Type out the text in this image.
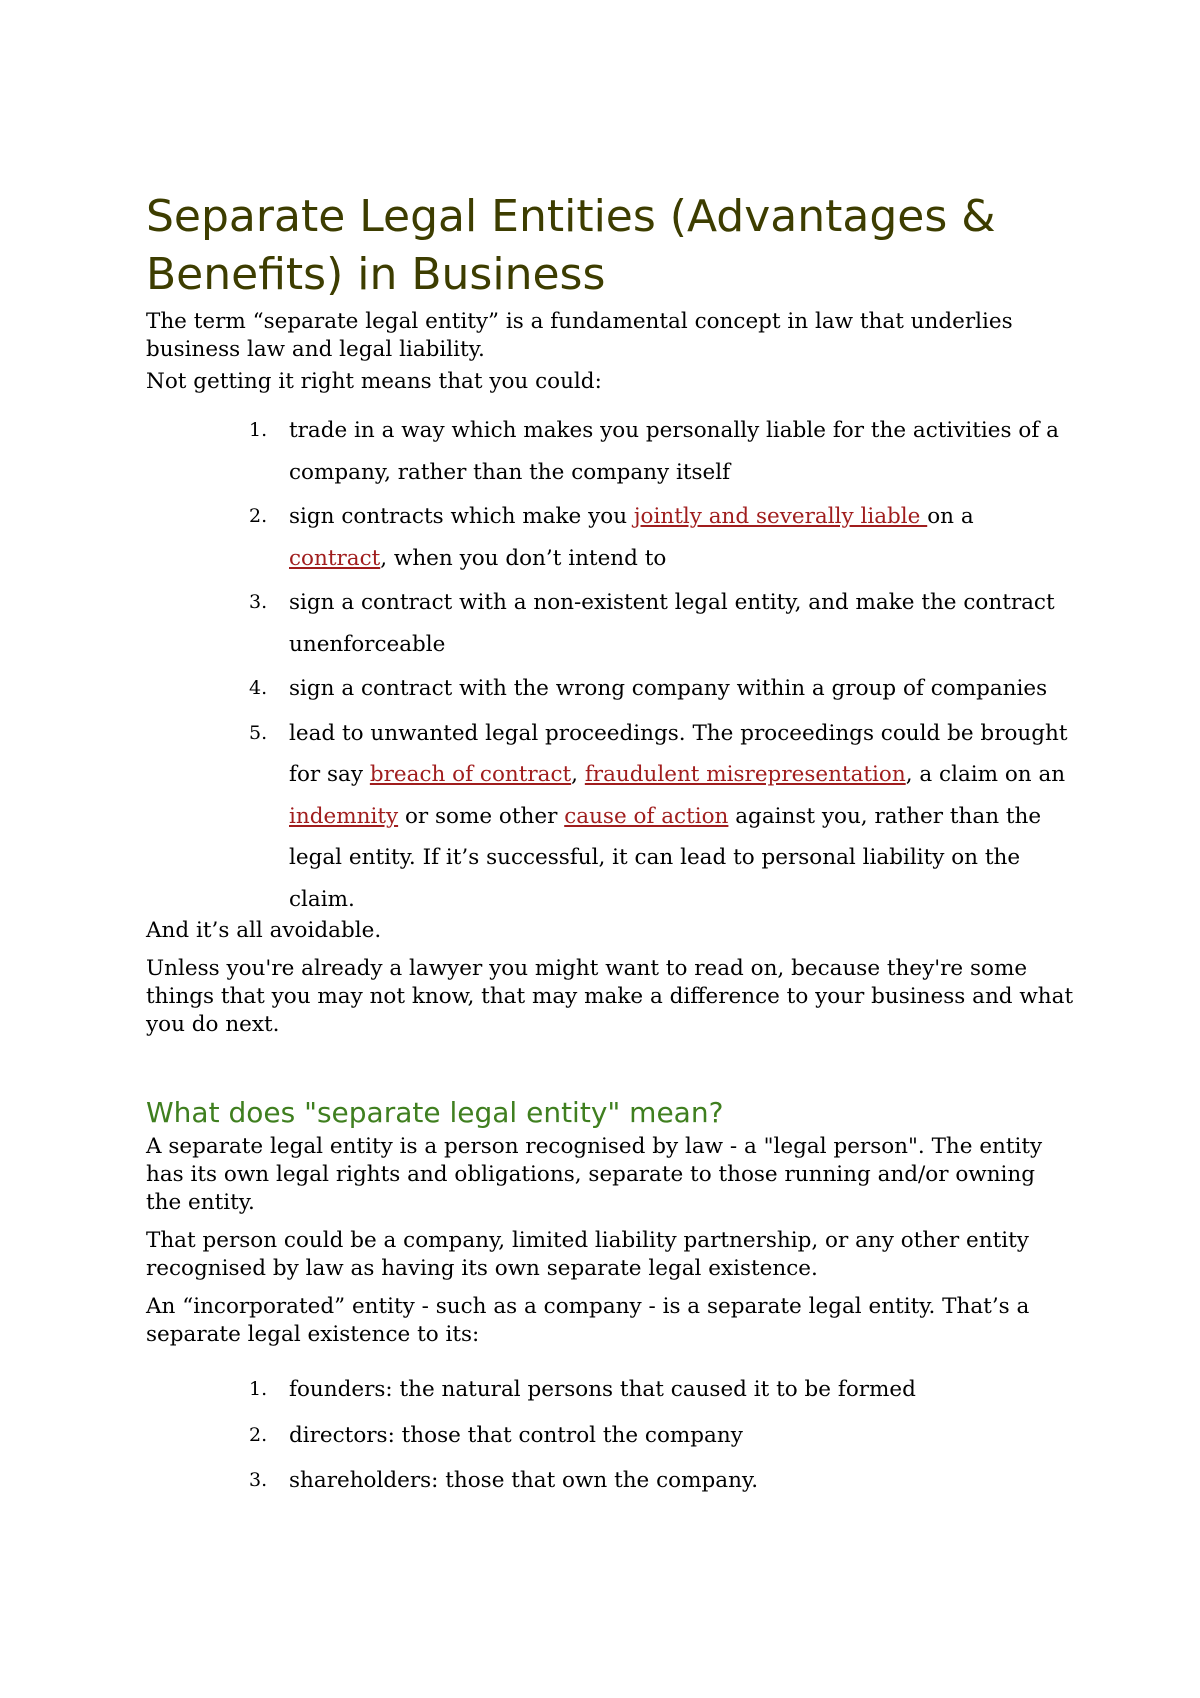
Separate Legal Entities (Advantages & Benefits) in Business

The term “separate legal entity” is a fundamental concept in law that underlies business law and legal liability.

Not getting it right means that you could:

1. trade in a way which makes you personally liable for the activities of a company, rather than the company itself
2. sign contracts which make you jointly and severally liable on a contract, when you don’t intend to
3. sign a contract with a non-existent legal entity, and make the contract unenforceable
4. sign a contract with the wrong company within a group of companies
5. lead to unwanted legal proceedings. The proceedings could be brought for say breach of contract, fraudulent misrepresentation, a claim on an indemnity or some other cause of action against you, rather than the legal entity. If it’s successful, it can lead to personal liability on the claim.

And it’s all avoidable.

Unless you're already a lawyer you might want to read on, because they're some things that you may not know, that may make a difference to your business and what you do next.

What does "separate legal entity" mean?

A separate legal entity is a person recognised by law - a "legal person". The entity has its own legal rights and obligations, separate to those running and/or owning the entity.

That person could be a company, limited liability partnership, or any other entity recognised by law as having its own separate legal existence.

An “incorporated” entity - such as a company - is a separate legal entity. That’s a separate legal existence to its:

1. founders: the natural persons that caused it to be formed
2. directors: those that control the company
3. shareholders: those that own the company.
